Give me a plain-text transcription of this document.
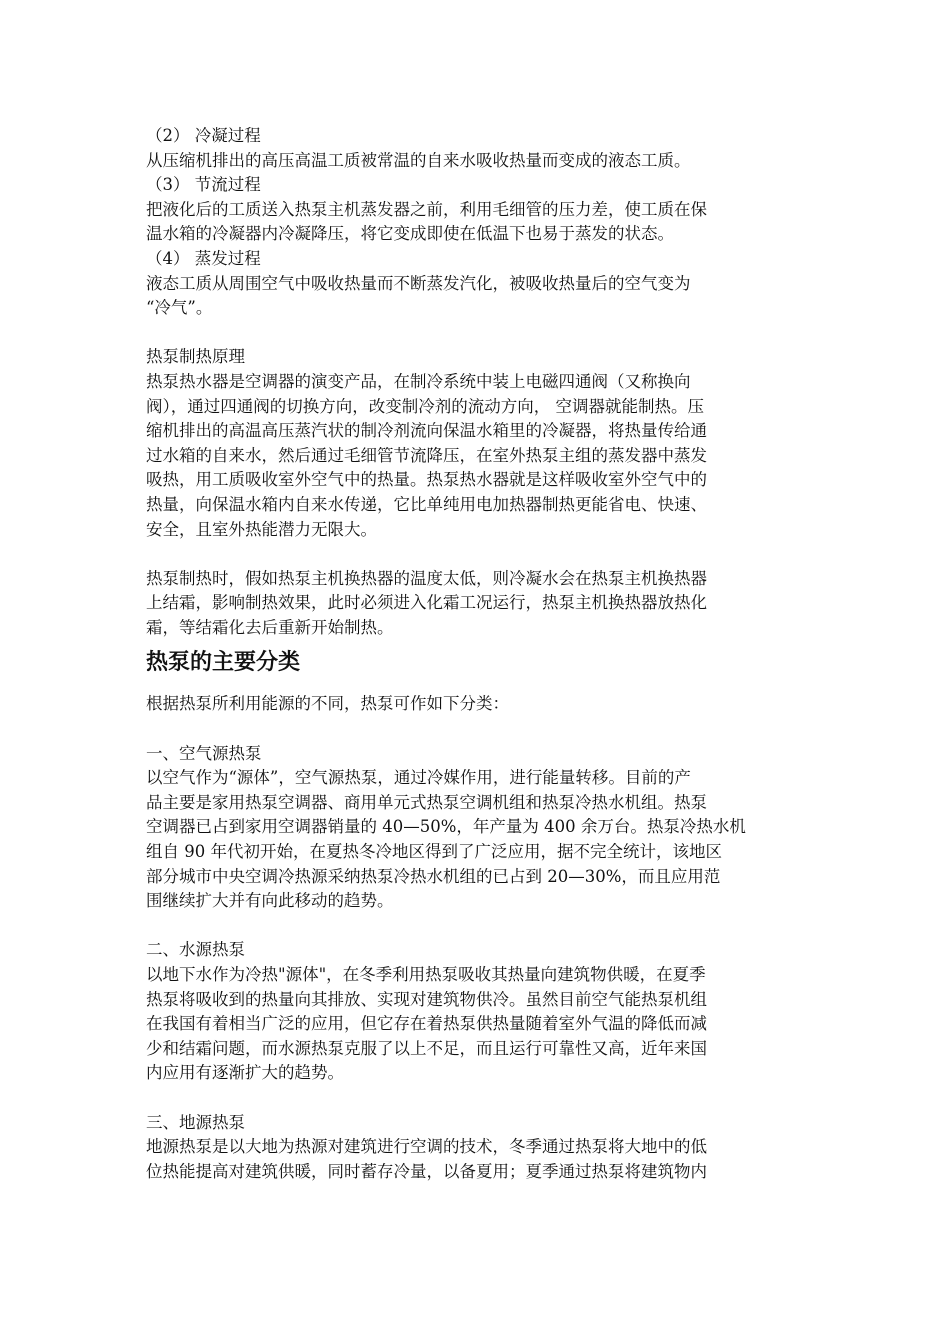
（2） 冷凝过程
从压缩机排出的高压高温工质被常温的自来水吸收热量而变成的液态工质。
（3） 节流过程
把液化后的工质送入热泵主机蒸发器之前，利用毛细管的压力差，使工质在保
温水箱的冷凝器内冷凝降压，将它变成即使在低温下也易于蒸发的状态。
（4） 蒸发过程
液态工质从周围空气中吸收热量而不断蒸发汽化，被吸收热量后的空气变为
“冷气”。
热泵制热原理
热泵热水器是空调器的演变产品，在制冷系统中装上电磁四通阀（又称换向
阀），通过四通阀的切换方向，改变制冷剂的流动方向， 空调器就能制热。压
缩机排出的高温高压蒸汽状的制冷剂流向保温水箱里的冷凝器，将热量传给通
过水箱的自来水，然后通过毛细管节流降压，在室外热泵主组的蒸发器中蒸发
吸热，用工质吸收室外空气中的热量。热泵热水器就是这样吸收室外空气中的
热量，向保温水箱内自来水传递，它比单纯用电加热器制热更能省电、快速、
安全，且室外热能潜力无限大。
热泵制热时，假如热泵主机换热器的温度太低，则冷凝水会在热泵主机换热器
上结霜，影响制热效果，此时必须进入化霜工况运行，热泵主机换热器放热化
霜，等结霜化去后重新开始制热。
热泵的主要分类
根据热泵所利用能源的不同，热泵可作如下分类：
一、空气源热泵
以空气作为“源体”，空气源热泵，通过冷媒作用，进行能量转移。目前的产
品主要是家用热泵空调器、商用单元式热泵空调机组和热泵冷热水机组。热泵
空调器已占到家用空调器销量的 40—50%，年产量为 400 余万台。热泵冷热水机
组自 90 年代初开始，在夏热冬冷地区得到了广泛应用，据不完全统计，该地区
部分城市中央空调冷热源采纳热泵冷热水机组的已占到 20—30%，而且应用范
围继续扩大并有向此移动的趋势。
二、水源热泵
以地下水作为冷热"源体"，在冬季利用热泵吸收其热量向建筑物供暖，在夏季
热泵将吸收到的热量向其排放、实现对建筑物供冷。虽然目前空气能热泵机组
在我国有着相当广泛的应用，但它存在着热泵供热量随着室外气温的降低而减
少和结霜问题，而水源热泵克服了以上不足，而且运行可靠性又高，近年来国
内应用有逐渐扩大的趋势。
三、地源热泵
地源热泵是以大地为热源对建筑进行空调的技术，冬季通过热泵将大地中的低
位热能提高对建筑供暖，同时蓄存冷量，以备夏用；夏季通过热泵将建筑物内
